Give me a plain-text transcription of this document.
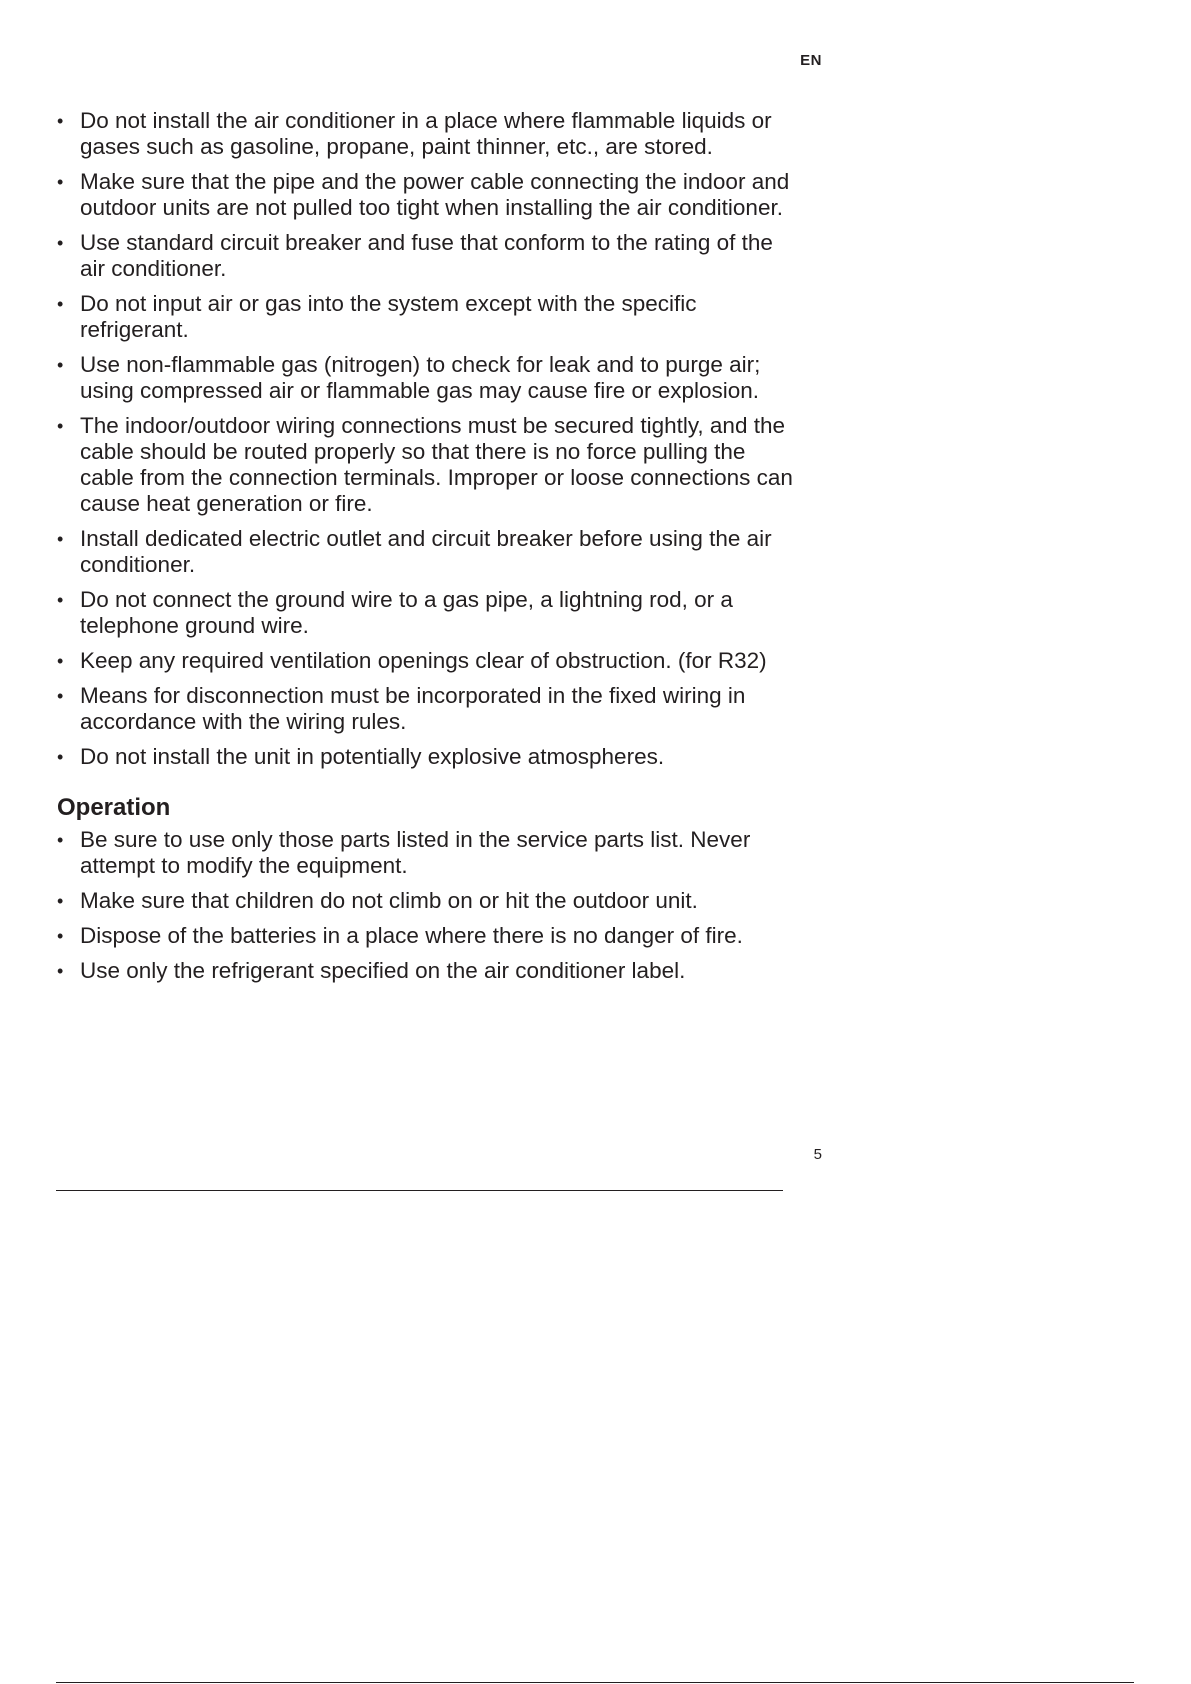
EN
• Do not install the air conditioner in a place where flammable liquids or gases such as gasoline, propane, paint thinner, etc., are stored.
• Make sure that the pipe and the power cable connecting the indoor and outdoor units are not pulled too tight when installing the air conditioner.
• Use standard circuit breaker and fuse that conform to the rating of the air conditioner.
• Do not input air or gas into the system except with the specific refrigerant.
• Use non-flammable gas (nitrogen) to check for leak and to purge air; using compressed air or flammable gas may cause fire or explosion.
• The indoor/outdoor wiring connections must be secured tightly, and the cable should be routed properly so that there is no force pulling the cable from the connection terminals. Improper or loose connections can cause heat generation or fire.
• Install dedicated electric outlet and circuit breaker before using the air conditioner.
• Do not connect the ground wire to a gas pipe, a lightning rod, or a telephone ground wire.
• Keep any required ventilation openings clear of obstruction. (for R32)
• Means for disconnection must be incorporated in the fixed wiring in accordance with the wiring rules.
• Do not install the unit in potentially explosive atmospheres.
Operation
• Be sure to use only those parts listed in the service parts list. Never attempt to modify the equipment.
• Make sure that children do not climb on or hit the outdoor unit.
• Dispose of the batteries in a place where there is no danger of fire.
• Use only the refrigerant specified on the air conditioner label.
5
